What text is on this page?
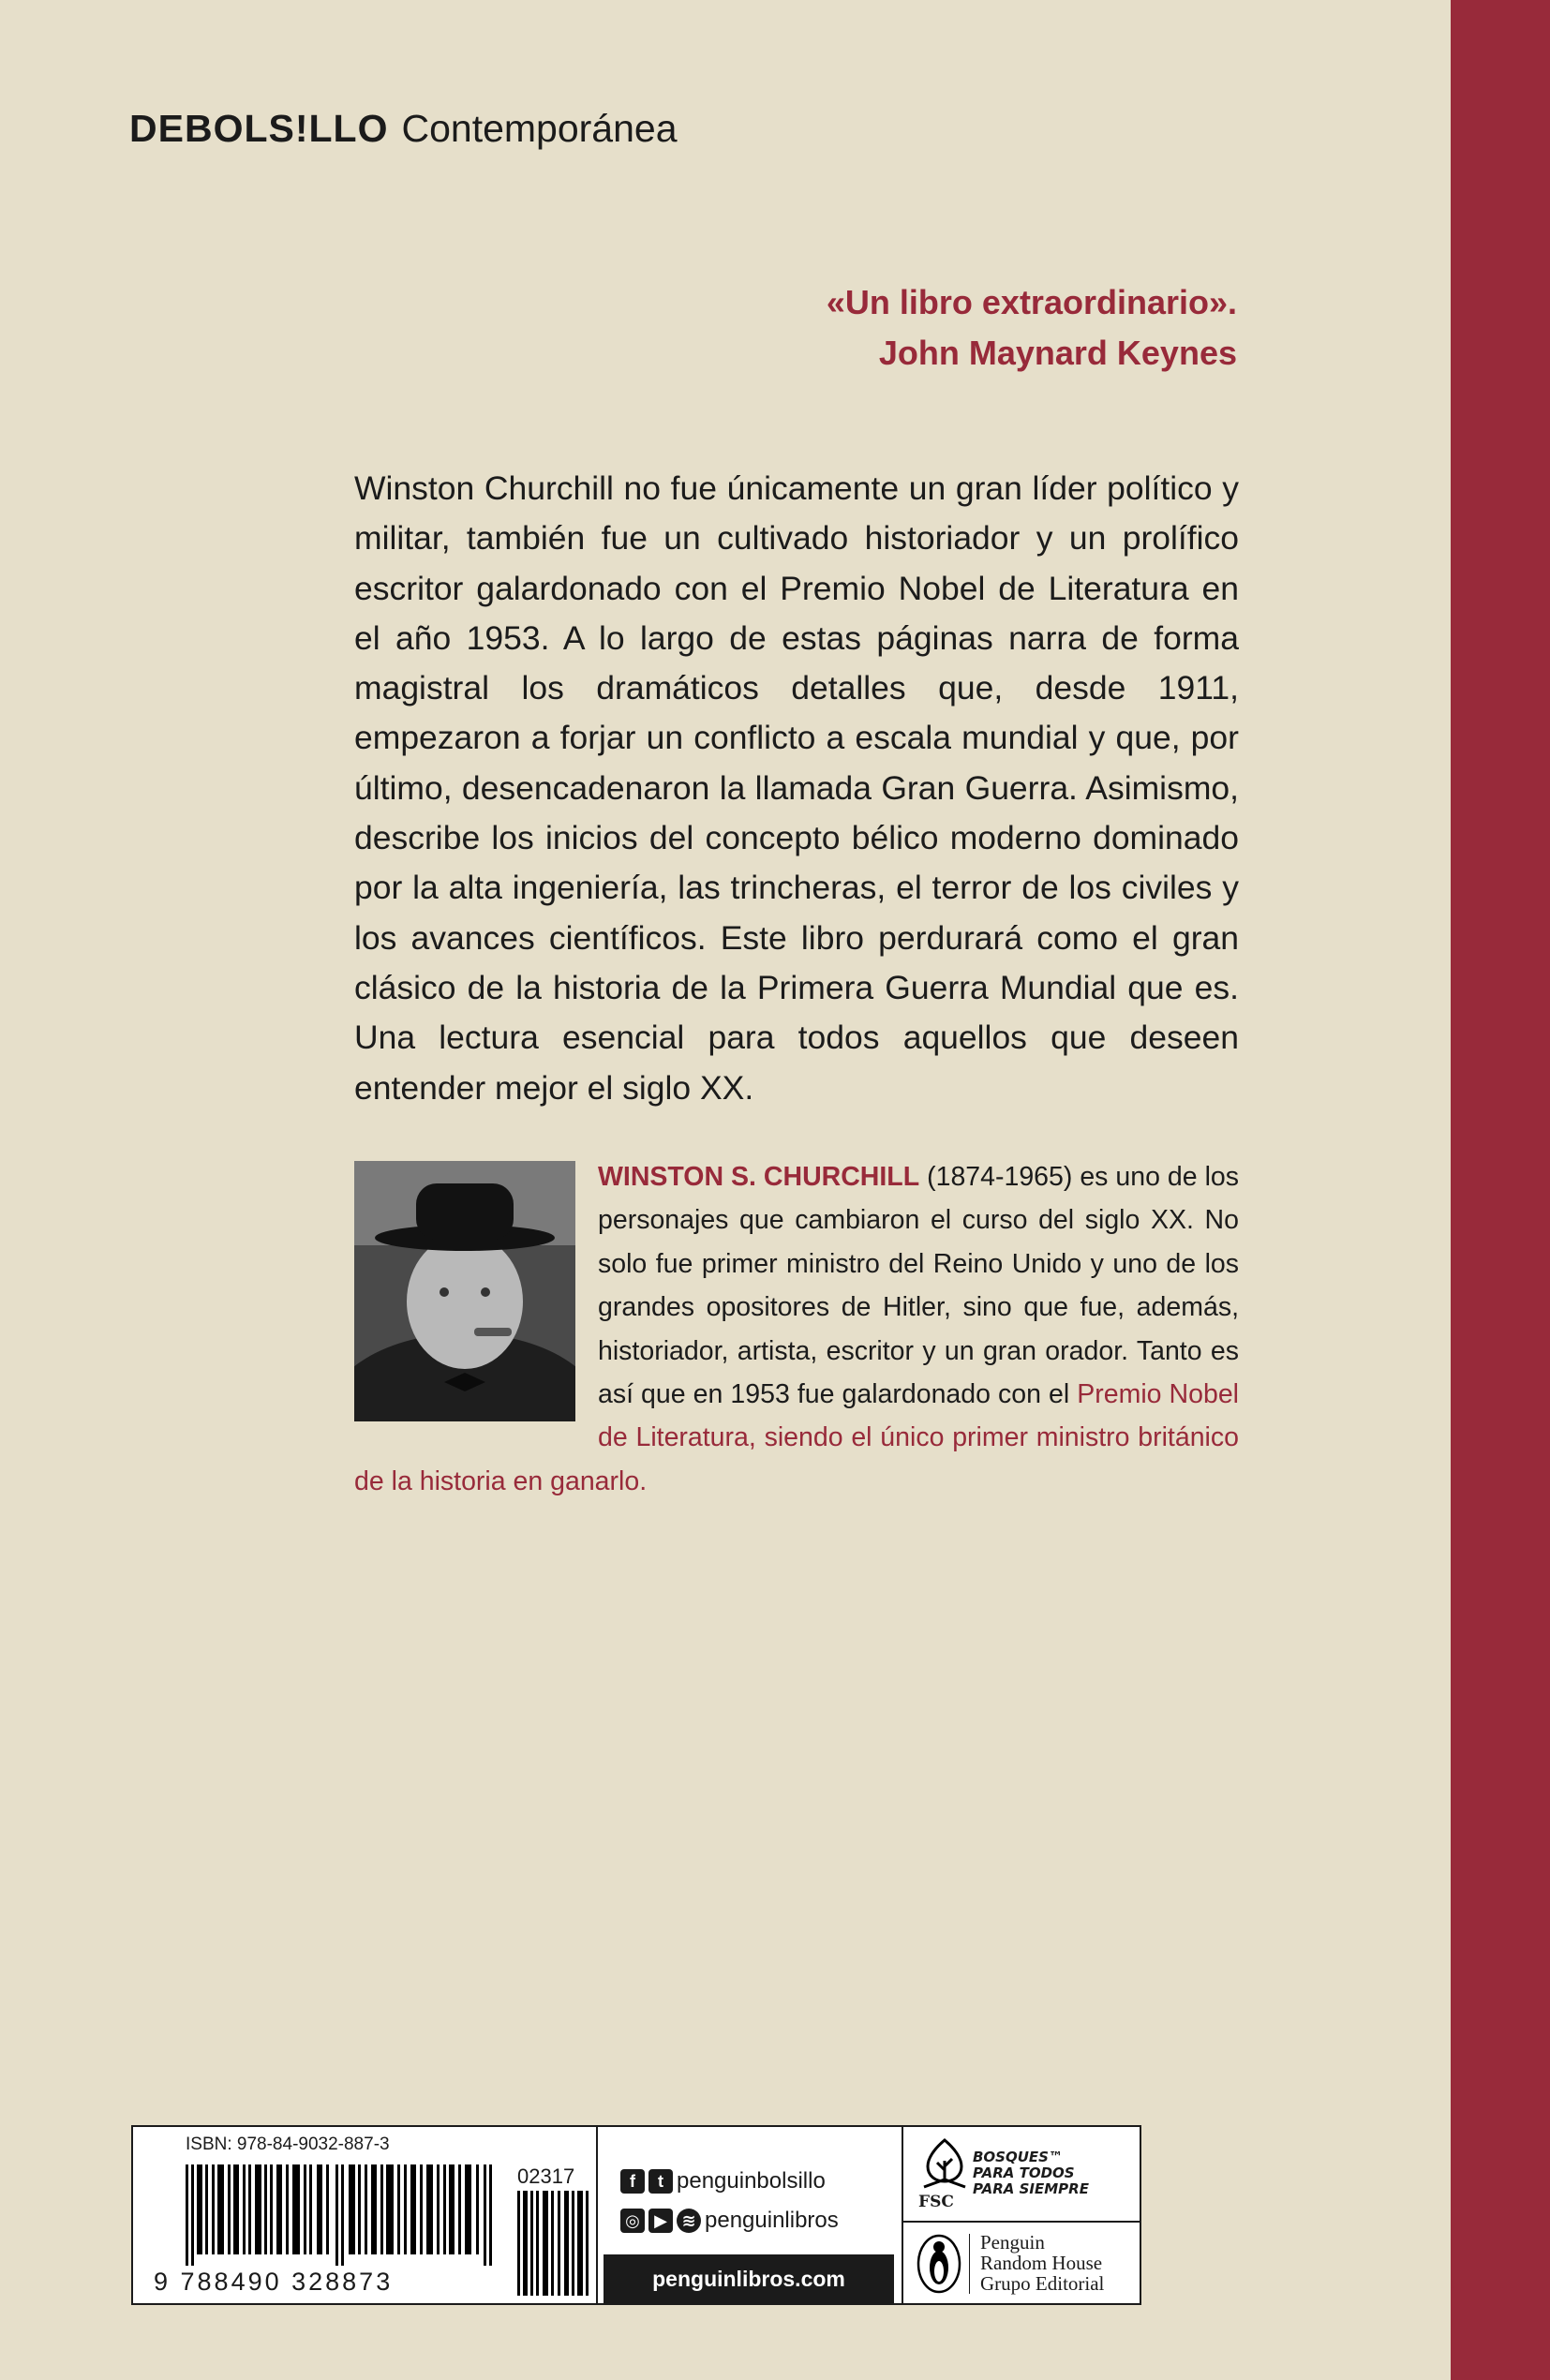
DEBOLS!LLO Contemporánea
«Un libro extraordinario».
John Maynard Keynes

Winston Churchill no fue únicamente un gran líder político y militar, también fue un cultivado historiador y un prolífico escritor galardonado con el Premio Nobel de Literatura en el año 1953. A lo largo de estas páginas narra de forma magistral los dramáticos detalles que, desde 1911, empezaron a forjar un conflicto a escala mundial y que, por último, desencadenaron la llamada Gran Guerra. Asimismo, describe los inicios del concepto bélico moderno dominado por la alta ingeniería, las trincheras, el terror de los civiles y los avances científicos. Este libro perdurará como el gran clásico de la historia de la Primera Guerra Mundial que es. Una lectura esencial para todos aquellos que deseen entender mejor el siglo XX.

WINSTON S. CHURCHILL (1874-1965) es uno de los personajes que cambiaron el curso del siglo XX. No solo fue primer ministro del Reino Unido y uno de los grandes opositores de Hitler, sino que fue, además, historiador, artista, escritor y un gran orador. Tanto es así que en 1953 fue galardonado con el Premio Nobel de Literatura, siendo el único primer ministro británico de la historia en ganarlo.

ISBN: 978-84-9032-887-3
9 788490 328873
02317	f	t penguinbolsillo
◎ ▶ ≋ penguinlibros
penguinlibros.com
FSC
BOSQUES™
PARA TODOS
PARA SIEMPRE
Penguin
Random House
Grupo Editorial
